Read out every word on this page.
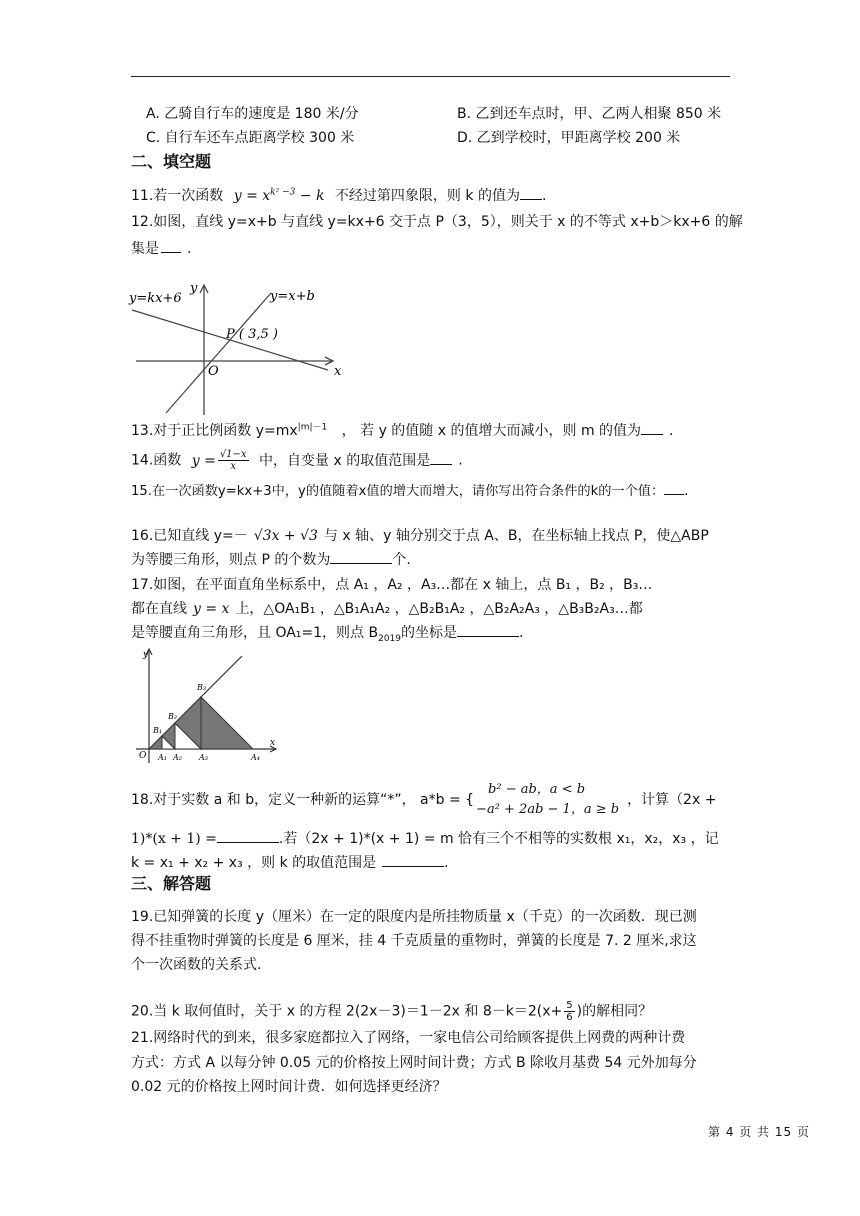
A. 乙骑自行车的速度是 180 米/分	B. 乙到还车点时，甲、乙两人相聚 850 米
C. 自行车还车点距离学校 300 米	D. 乙到学校时，甲距离学校 200 米
二、填空题
11.若一次函数 $y = x^{k^2 -3} - k$ 不经过第四象限，则 k 的值为 .
12.如图，直线 y=x+b 与直线 y=kx+6 交于点 P（3，5），则关于 x 的不等式 x+b＞kx+6 的解
集是 .
y=kx+6	y=x+b
P ( 3,5 )
O	x
y
13.对于正比例函数 $y=mx^{|m|-1}$ ， 若 y 的值随 x 的值增大而减小，则 m 的值为 .
14.函数 $y = \frac{√1-x}{x}$ 中，自变量 x 的取值范围是 .
15.在一次函数y=kx+3中，y的值随着x值的增大而增大，请你写出符合条件的k的一个值： .
16.已知直线 y=－ √3x + √3 与 x 轴、y 轴分别交于点 A、B，在坐标轴上找点 P，使△ABP
为等腰三角形，则点 P 的个数为	个.
17.如图，在平面直角坐标系中，点 A₁ ，A₂ ，A₃…都在 x 轴上，点 B₁ ，B₂ ，B₃…
都在直线 y = x 上，△OA₁B₁ ，△B₁A₁A₂ ，△B₂B₁A₂ ，△B₂A₂A₃ ，△B₃B₂A₃…都
是等腰直角三角形，且 OA₁=1，则点 $B_{2019}$的坐标是	.
y
O A₁ A₂ A₃	A₄
x
B₁
B₂
B₃
18.对于实数 a 和 b，定义一种新的运算“*”， a*b = {
b² − ab，a < b
−a² + 2ab − 1，a ≥ b
，计算（2x +
1)*(x + 1) =	.若（2x + 1)*(x + 1) = m 恰有三个不相等的实数根 x₁，x₂，x₃ ，记
k = x₁ + x₂ + x₃ ，则 k 的取值范围是	.
三、解答题
19.已知弹簧的长度 y（厘米）在一定的限度内是所挂物质量 x（千克）的一次函数．现已测
得不挂重物时弹簧的长度是 6 厘米，挂 4 千克质量的重物时，弹簧的长度是 7. 2 厘米,求这
个一次函数的关系式.
20.当 k 取何值时，关于 x 的方程 2(2x－3)＝1－2x 和 $8-k=2(x+ \frac{5}{6}$ )的解相同？
21.网络时代的到来，很多家庭都拉入了网络，一家电信公司给顾客提供上网费的两种计费
方式：方式 A 以每分钟 0.05 元的价格按上网时间计费；方式 B 除收月基费 54 元外加每分
0.02 元的价格按上网时间计费．如何选择更经济？
第 4 页 共 15 页
